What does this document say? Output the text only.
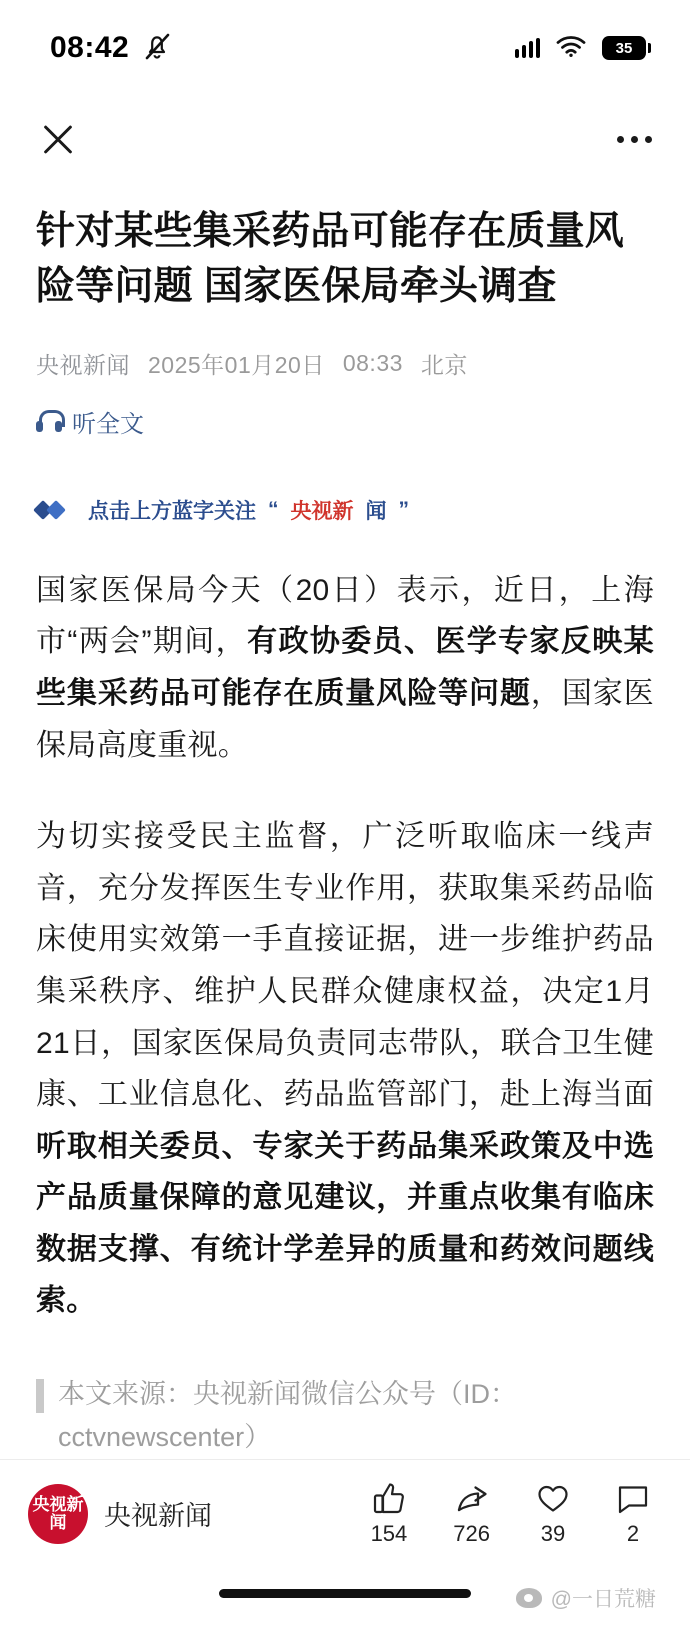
08:42	35
针对某些集采药品可能存在质量风险等问题 国家医保局牵头调查
央视新闻 2025年01月20日 08:33 北京
听全文
点击上方蓝字关注 “ 央视新 闻 ”

国家医保局今天（20日）表示，近日，上海市“两会”期间，有政协委员、医学专家反映某些集采药品可能存在质量风险等问题，国家医保局高度重视。

为切实接受民主监督，广泛听取临床一线声音，充分发挥医生专业作用，获取集采药品临床使用实效第一手直接证据，进一步维护药品集采秩序、维护人民群众健康权益，决定1月21日，国家医保局负责同志带队，联合卫生健康、工业信息化、药品监管部门，赴上海当面听取相关委员、专家关于药品集采政策及中选产品质量保障的意见建议，并重点收集有临床数据支撑、有统计学差异的质量和药效问题线索。

本文来源：央视新闻微信公众号（ID：cctvnewscenter）
央视新闻	央视新闻
154 726 39	2
@一日荒糖
